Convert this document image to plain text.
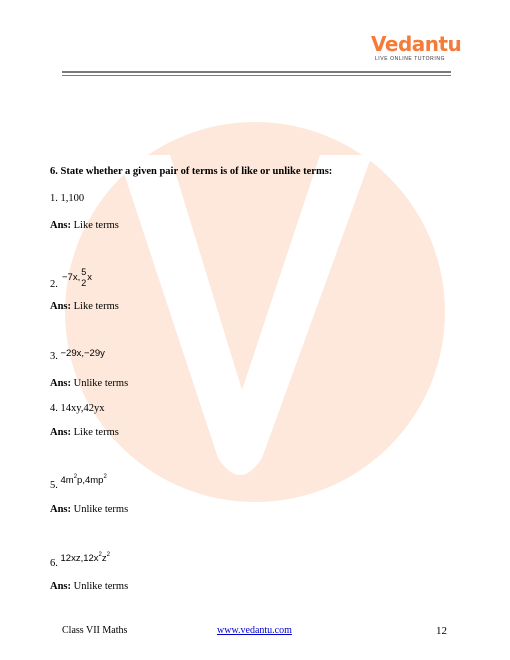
Vedantu
LIVE ONLINE TUTORING
6. State whether a given pair of terms is of like or unlike terms:
1. 1,100
Ans: Like terms
2.
−7x, 5
2
x
Ans: Like terms
3. −29x,−29y
Ans: Unlike terms
4. 14xy,42yx
Ans: Like terms
5. $4m^2p,4mp^2$
Ans: Unlike terms
6. $12xz,12x^2z^2$
Ans: Unlike terms
Class VII Maths	www.vedantu.com	12
